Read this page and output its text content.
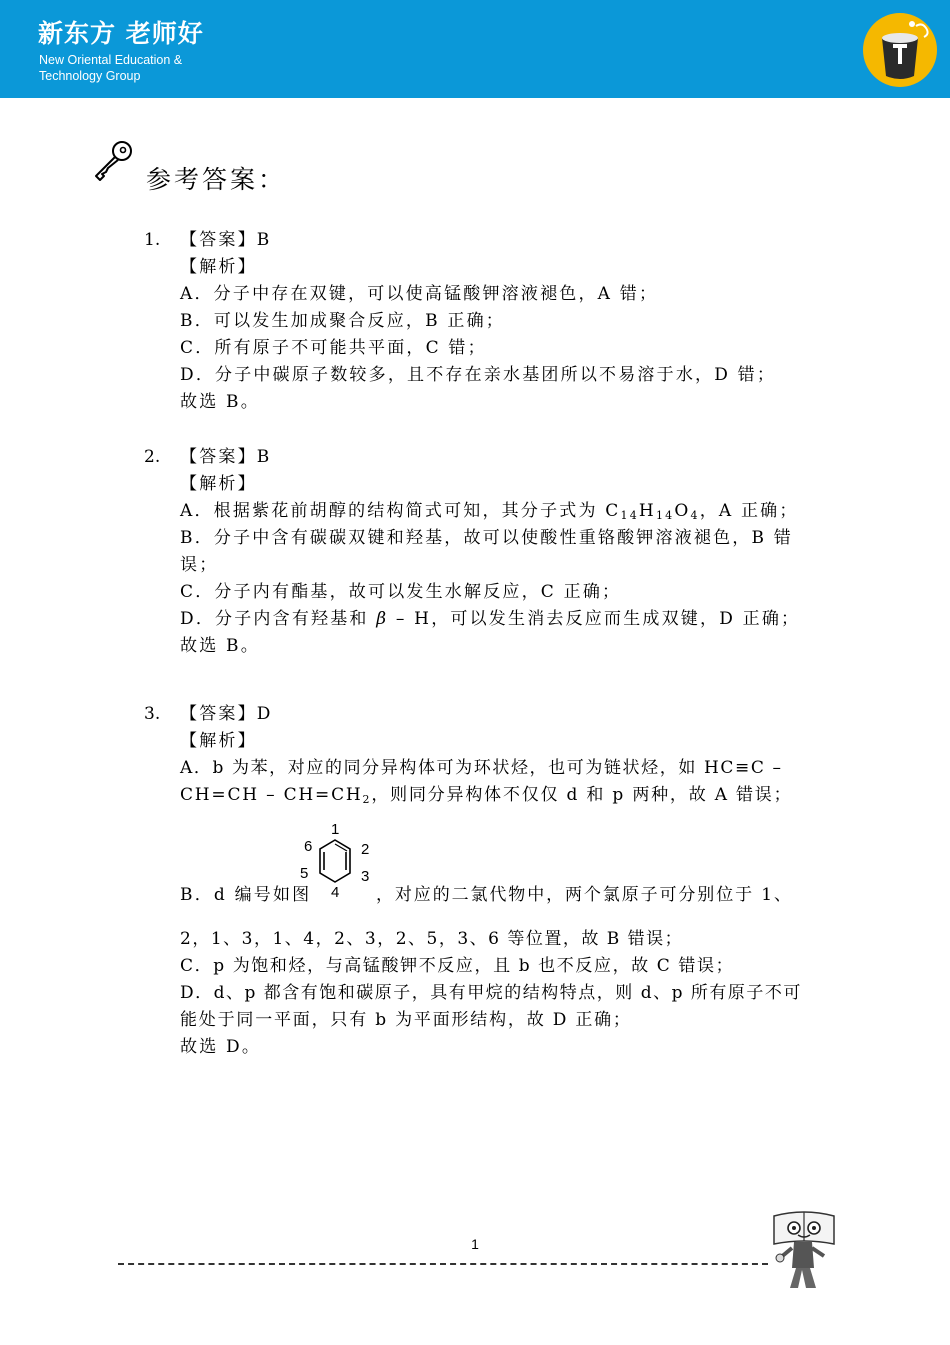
新东方 老师好
New Oriental Education & Technology Group
参考答案：
1. 【答案】B
【解析】
A．分子中存在双键，可以使高锰酸钾溶液褪色，A 错；
B．可以发生加成聚合反应，B 正确；
C．所有原子不可能共平面，C 错；
D．分子中碳原子数较多，且不存在亲水基团所以不易溶于水，D 错；
故选 B。
2. 【答案】B
【解析】
A．根据紫花前胡醇的结构简式可知，其分子式为 $C_{14}H_{14}O_4$，A 正确；
B．分子中含有碳碳双键和羟基，故可以使酸性重铬酸钾溶液褪色，B 错
误；
C．分子内有酯基，故可以发生水解反应，C 正确；
D．分子内含有羟基和 β – H，可以发生消去反应而生成双键，D 正确；
故选 B。
3. 【答案】D
【解析】
A．b 为苯，对应的同分异构体可为环状烃，也可为链状烃，如 HC≡C –
$CH=CH - CH=CH_2$，则同分异构体不仅仅 d 和 p 两种，故 A 错误；
1
2
3
4
5
6
B．d 编号如图	，对应的二氯代物中，两个氯原子可分别位于 1、
2，1、3，1、4，2、3，2、5，3、6 等位置，故 B 错误；
C．p 为饱和烃，与高锰酸钾不反应，且 b 也不反应，故 C 错误；
D．d、p 都含有饱和碳原子，具有甲烷的结构特点，则 d、p 所有原子不可
能处于同一平面，只有 b 为平面形结构，故 D 正确；
故选 D。
1
